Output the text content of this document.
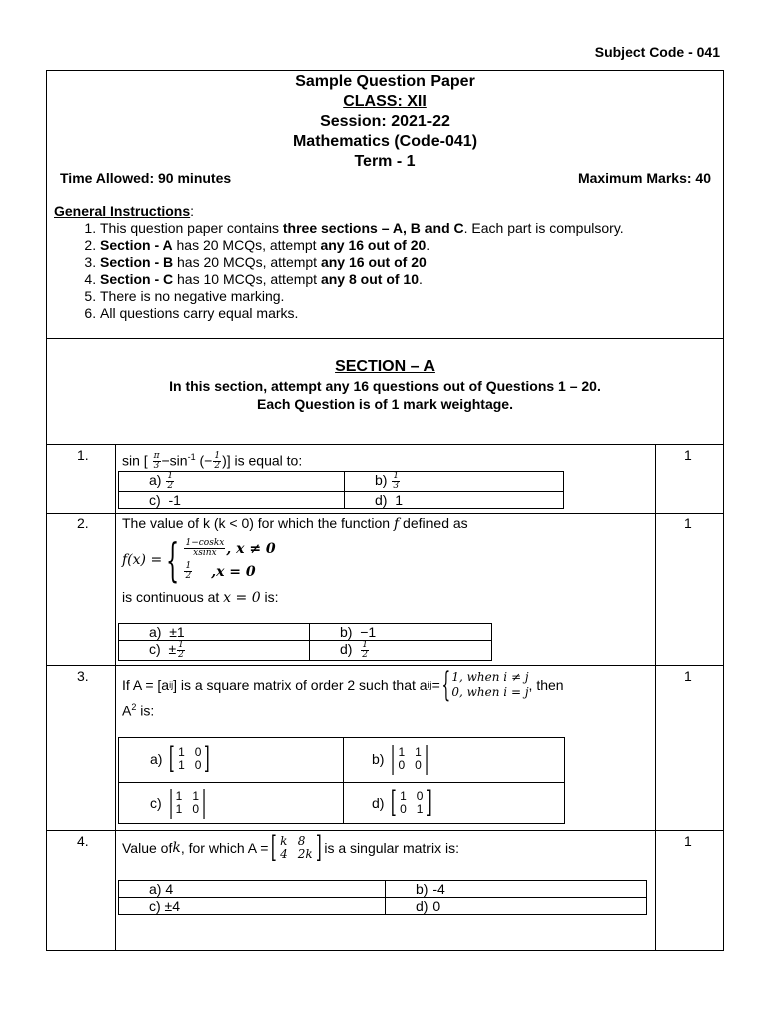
Subject Code - 041
Sample Question Paper
CLASS: XII
Session: 2021-22
Mathematics (Code-041)
Term - 1
Time Allowed: 90 minutes	Maximum Marks: 40
General Instructions:
1. This question paper contains three sections – A, B and C. Each part is compulsory.
2. Section - A has 20 MCQs, attempt any 16 out of 20.
3. Section - B has 20 MCQs, attempt any 16 out of 20
4. Section - C has 10 MCQs, attempt any 8 out of 10.
5. There is no negative marking.
6. All questions carry equal marks.
SECTION – A
In this section, attempt any 16 questions out of Questions 1 – 20.
Each Question is of 1 mark weightage.
1.	1
sin [ $\frac{\pi}{3} -\sin^{-1}$ (− $\frac{1}{2}$ )] is equal to:
$a) \frac{1}{2}$	$b) \frac{1}{3}$

c) -1	d) 1
2.	1
The value of k (k < 0) for which the function f defined as
f(x) = { $\frac{\text{1−coskx}}{xsinx}$ , x ≠ 0
$\frac{1}{2} ,x = 0$
is continuous at x = 0 is:
a) ±1	b) −1
$c) \pm \frac{1}{2}$	$d) \frac{1}{2}$
3.	1
If A = [a ij ] is a square matrix of order 2 such that a ij = { 1, when i ≠ j
0, when i = j , then
$A^2$ is:
a)
[ 1 0
1 0 ]	b)
| 1 1
0 0 |
c)
| 1 1
1 0 |	d)
[ 1 0
0 1 ]
4.	1
Value of k , for which A = [ k 8
4 2k ] is a singular matrix is:
a) 4	b) -4
c) ±4	d) 0
